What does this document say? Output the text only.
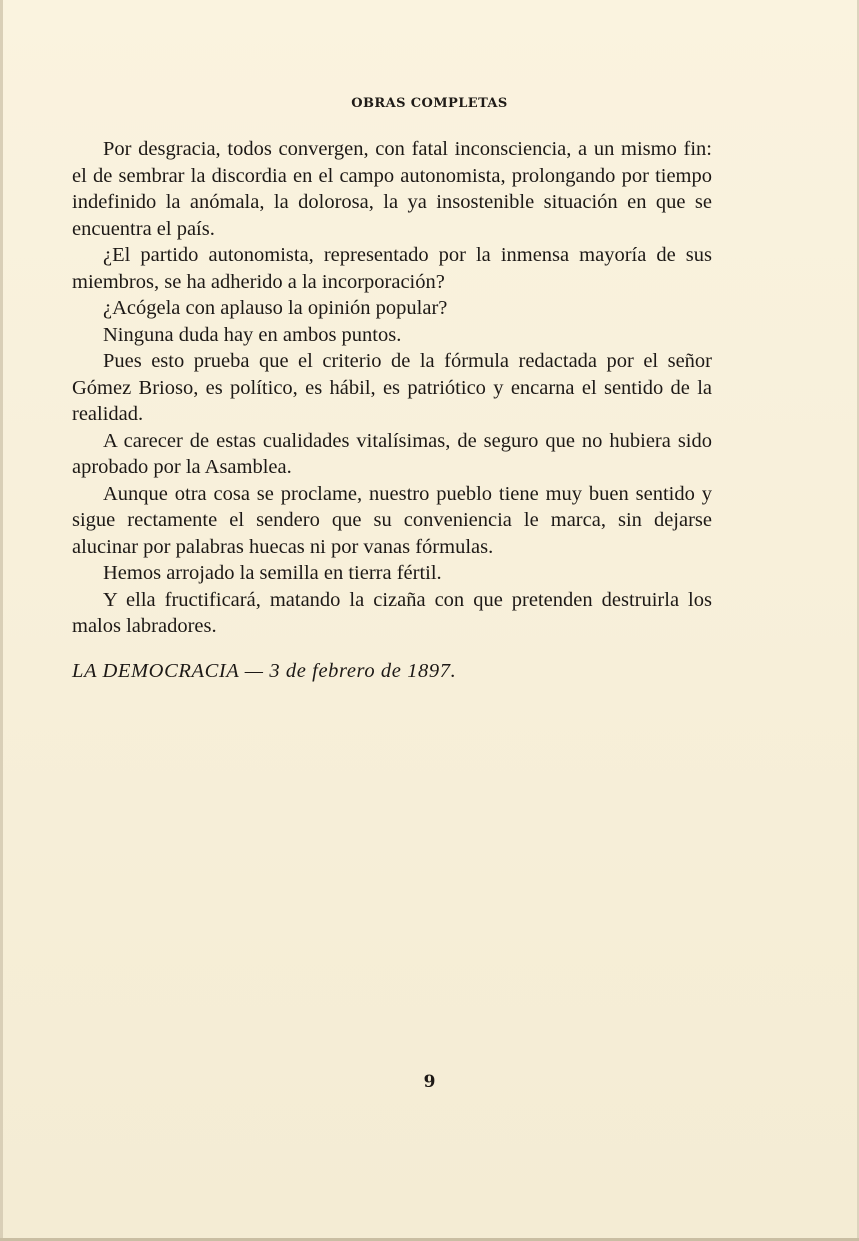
OBRAS COMPLETAS

Por desgracia, todos convergen, con fatal inconsciencia, a un mismo fin: el de sembrar la discordia en el campo autonomista, prolongando por tiempo indefinido la anómala, la dolorosa, la ya insostenible situación en que se encuentra el país.

¿El partido autonomista, representado por la inmensa mayoría de sus miembros, se ha adherido a la incorporación?

¿Acógela con aplauso la opinión popular?

Ninguna duda hay en ambos puntos.

Pues esto prueba que el criterio de la fórmula redactada por el señor Gómez Brioso, es político, es hábil, es patriótico y encarna el sentido de la realidad.

A carecer de estas cualidades vitalísimas, de seguro que no hubiera sido aprobado por la Asamblea.

Aunque otra cosa se proclame, nuestro pueblo tiene muy buen sentido y sigue rectamente el sendero que su conveniencia le marca, sin dejarse alucinar por palabras huecas ni por vanas fórmulas.

Hemos arrojado la semilla en tierra fértil.

Y ella fructificará, matando la cizaña con que pretenden destruirla los malos labradores.

LA DEMOCRACIA — 3 de febrero de 1897.
9
